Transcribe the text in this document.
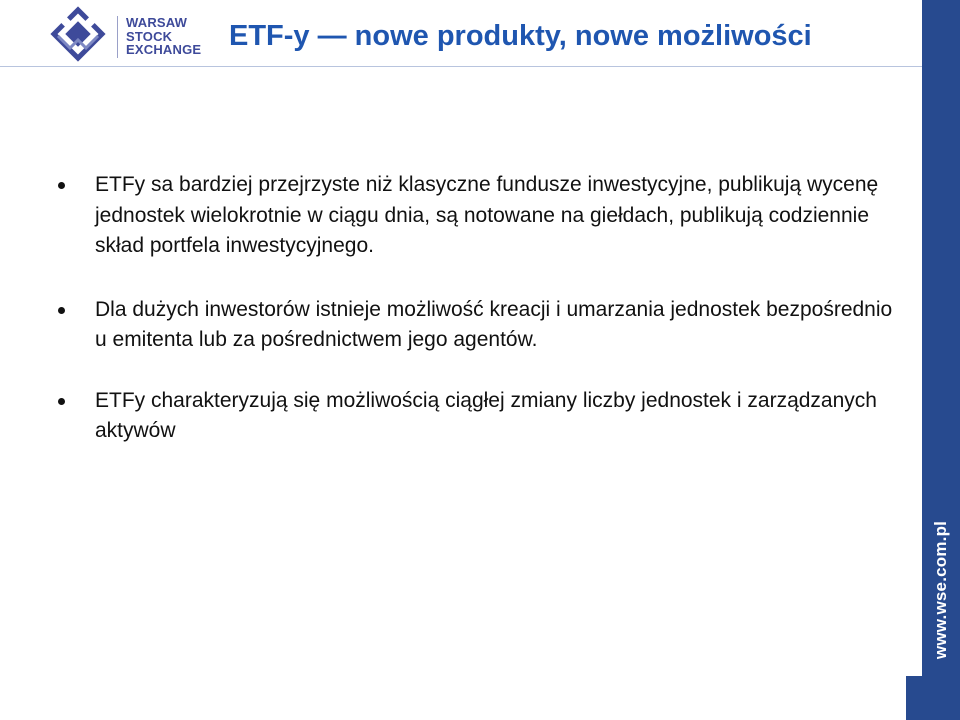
WARSAW
STOCK
EXCHANGE ETF-y — nowe produkty, nowe możliwości
www.wse.com.pl
ETFy sa bardziej przejrzyste niż klasyczne fundusze inwestycyjne, publikują wycenę jednostek wielokrotnie w ciągu dnia, są notowane na giełdach, publikują codziennie skład portfela inwestycyjnego.
Dla dużych inwestorów istnieje możliwość kreacji i umarzania jednostek bezpośrednio u emitenta lub za pośrednictwem jego agentów.
ETFy charakteryzują się możliwością ciągłej zmiany liczby jednostek i zarządzanych aktywów
